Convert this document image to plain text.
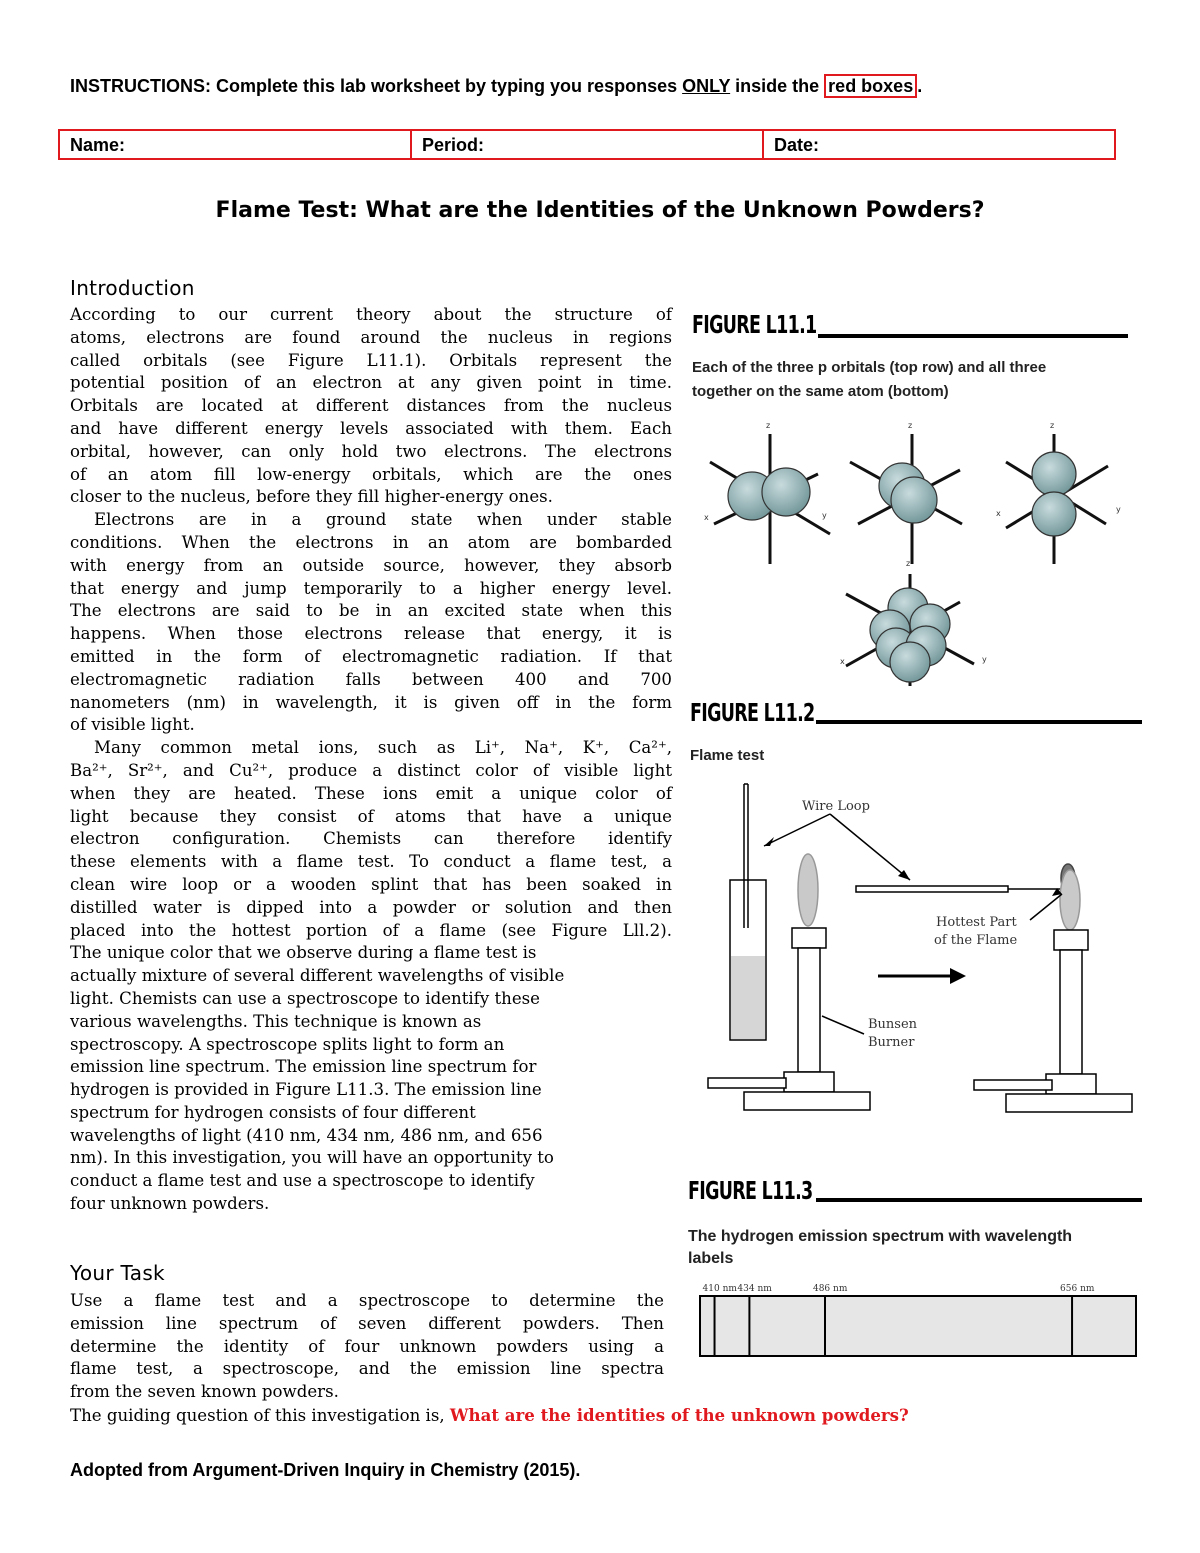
INSTRUCTIONS: Complete this lab worksheet by typing you responses ONLY inside the red boxes .
Name:	Period:	Date:
Flame Test: What are the Identities of the Unknown Powders?
Introduction
According to our current theory about the structure of
atoms, electrons are found around the nucleus in regions
called orbitals (see Figure L11.1). Orbitals represent the
potential position of an electron at any given point in time.
Orbitals are located at different distances from the nucleus
and have different energy levels associated with them. Each
orbital, however, can only hold two electrons. The electrons
of an atom fill low-energy orbitals, which are the ones
closer to the nucleus, before they fill higher-energy ones.
Electrons are in a ground state when under stable
conditions. When the electrons in an atom are bombarded
with energy from an outside source, however, they absorb
that energy and jump temporarily to a higher energy level.
The electrons are said to be in an excited state when this
happens. When those electrons release that energy, it is
emitted in the form of electromagnetic radiation. If that
electromagnetic radiation falls between 400 and 700
nanometers (nm) in wavelength, it is given off in the form
of visible light.
Many common metal ions, such as Li⁺, Na⁺, K⁺, Ca²⁺,
Ba²⁺, Sr²⁺, and Cu²⁺, produce a distinct color of visible light
when they are heated. These ions emit a unique color of
light because they consist of atoms that have a unique
electron configuration. Chemists can therefore identify
these elements with a flame test. To conduct a flame test, a
clean wire loop or a wooden splint that has been soaked in
distilled water is dipped into a powder or solution and then
placed into the hottest portion of a flame (see Figure Lll.2).
The unique color that we observe during a flame test is
actually mixture of several different wavelengths of visible
light. Chemists can use a spectroscope to identify these
various wavelengths. This technique is known as
spectroscopy. A spectroscope splits light to form an
emission line spectrum. The emission line spectrum for
hydrogen is provided in Figure L11.3. The emission line
spectrum for hydrogen consists of four different
wavelengths of light (410 nm, 434 nm, 486 nm, and 656
nm). In this investigation, you will have an opportunity to
conduct a flame test and use a spectroscope to identify
four unknown powders.
Your Task
Use a flame test and a spectroscope to determine the
emission line spectrum of seven different powders. Then
determine the identity of four unknown powders using a
flame test, a spectroscope, and the emission line spectra
from the seven known powders.
The guiding question of this investigation is, What are the identities of the unknown powders?
FIGURE L11.1
Each of the three p orbitals (top row) and all three
together on the same atom (bottom)
z
x	y
z	z
x	y
z
x	y
FIGURE L11.2
Flame test
Wire Loop
Hottest Part
of the Flame
Bunsen
Burner
FIGURE L11.3
The hydrogen emission spectrum with wavelength
labels
410 nm 434 nm	486 nm	656 nm
Adopted from Argument-Driven Inquiry in Chemistry (2015).
